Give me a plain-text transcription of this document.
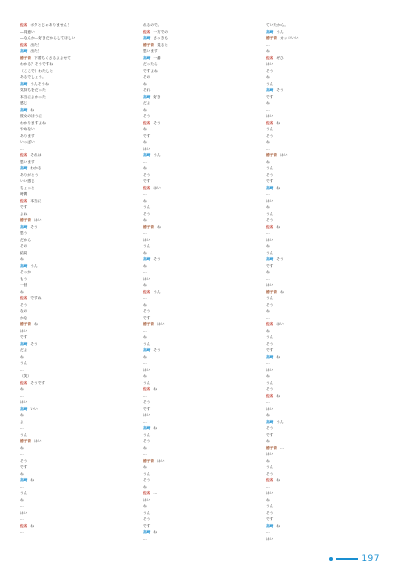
佐名 ボクとじゃありません！
―同意い
―なんか…好きだからしてほしい
佐名 出た！
高崎 出た！
椿子音 下着ちくさるよよせて
わかる？そうですね
（ここで）わたしと
あるでしょう。
高崎 うんそうね
気持ちをだった
本当によかった
感じ
高崎 ね
彼女のほうに
わかりますよね
やめない
あります
いっぱい
…
佐名 それは
思います
高崎 わかる
ありがとう
いい感じ
ちょっと
時間
佐名 本当に
です
よね
椿子音 はい
高崎 そう
思う
だから
その
結局
ね
高崎 うん
そっか
もう
一回
ね
佐名 ですね
そう
なの
かな
椿子音 ね
はい
です
高崎 そう
だよ
ね
うん
…
（笑）
佐名 そうです
ね
…
はい
高崎 いい
ね
よ
…
うん
椿子音 はい
ね
…
そう
です
ね
高崎 ね
…
うん
ね
…
はい
…
佐名 ね
…
れるので。
佐名 一方での
高崎 さっきも
椿子音 見ると
思います
高崎 一番
だったら
ですよね
その
ね
それ
高崎 好き
だよ
ね
そう
佐名 そう
ね
です
ね
はい
高崎 うん
…
ね
そう
です
佐名 はい
…
ね
うん
そう
ね
椿子音 ね
…
はい
うん
ね
高崎 そう
ね
…
はい
ね
佐名 うん
…
ね
そう
です
椿子音 はい
…
ね
うん
高崎 そう
ね
…
はい
ね
うん
佐名 ね
…
そう
です
はい
…
高崎 ね
うん
そう
ね
…
椿子音 はい
ね
うん
そう
ね
佐名 …
はい
ね
うん
そう
です
高崎 ね
…
ていたから。
高崎 うん
椿子音 カッコいい
…
ね
佐名 ぜひ
はい
そう
ね
うん
高崎 そう
です
ね
…
はい
佐名 ね
うん
そう
ね
…
椿子音 はい
ね
うん
そう
です
高崎 ね
…
はい
ね
うん
そう
佐名 ね
…
はい
ね
うん
高崎 そう
です
ね
…
はい
椿子音 ね
うん
そう
ね
…
佐名 はい
ね
うん
そう
です
高崎 ね
…
はい
ね
うん
そう
佐名 ね
…
はい
ね
高崎 うん
そう
です
ね
椿子音 …
はい
ね
うん
そう
佐名 ね
…
はい
ね
うん
そう
です
高崎 ね
…
はい
197
